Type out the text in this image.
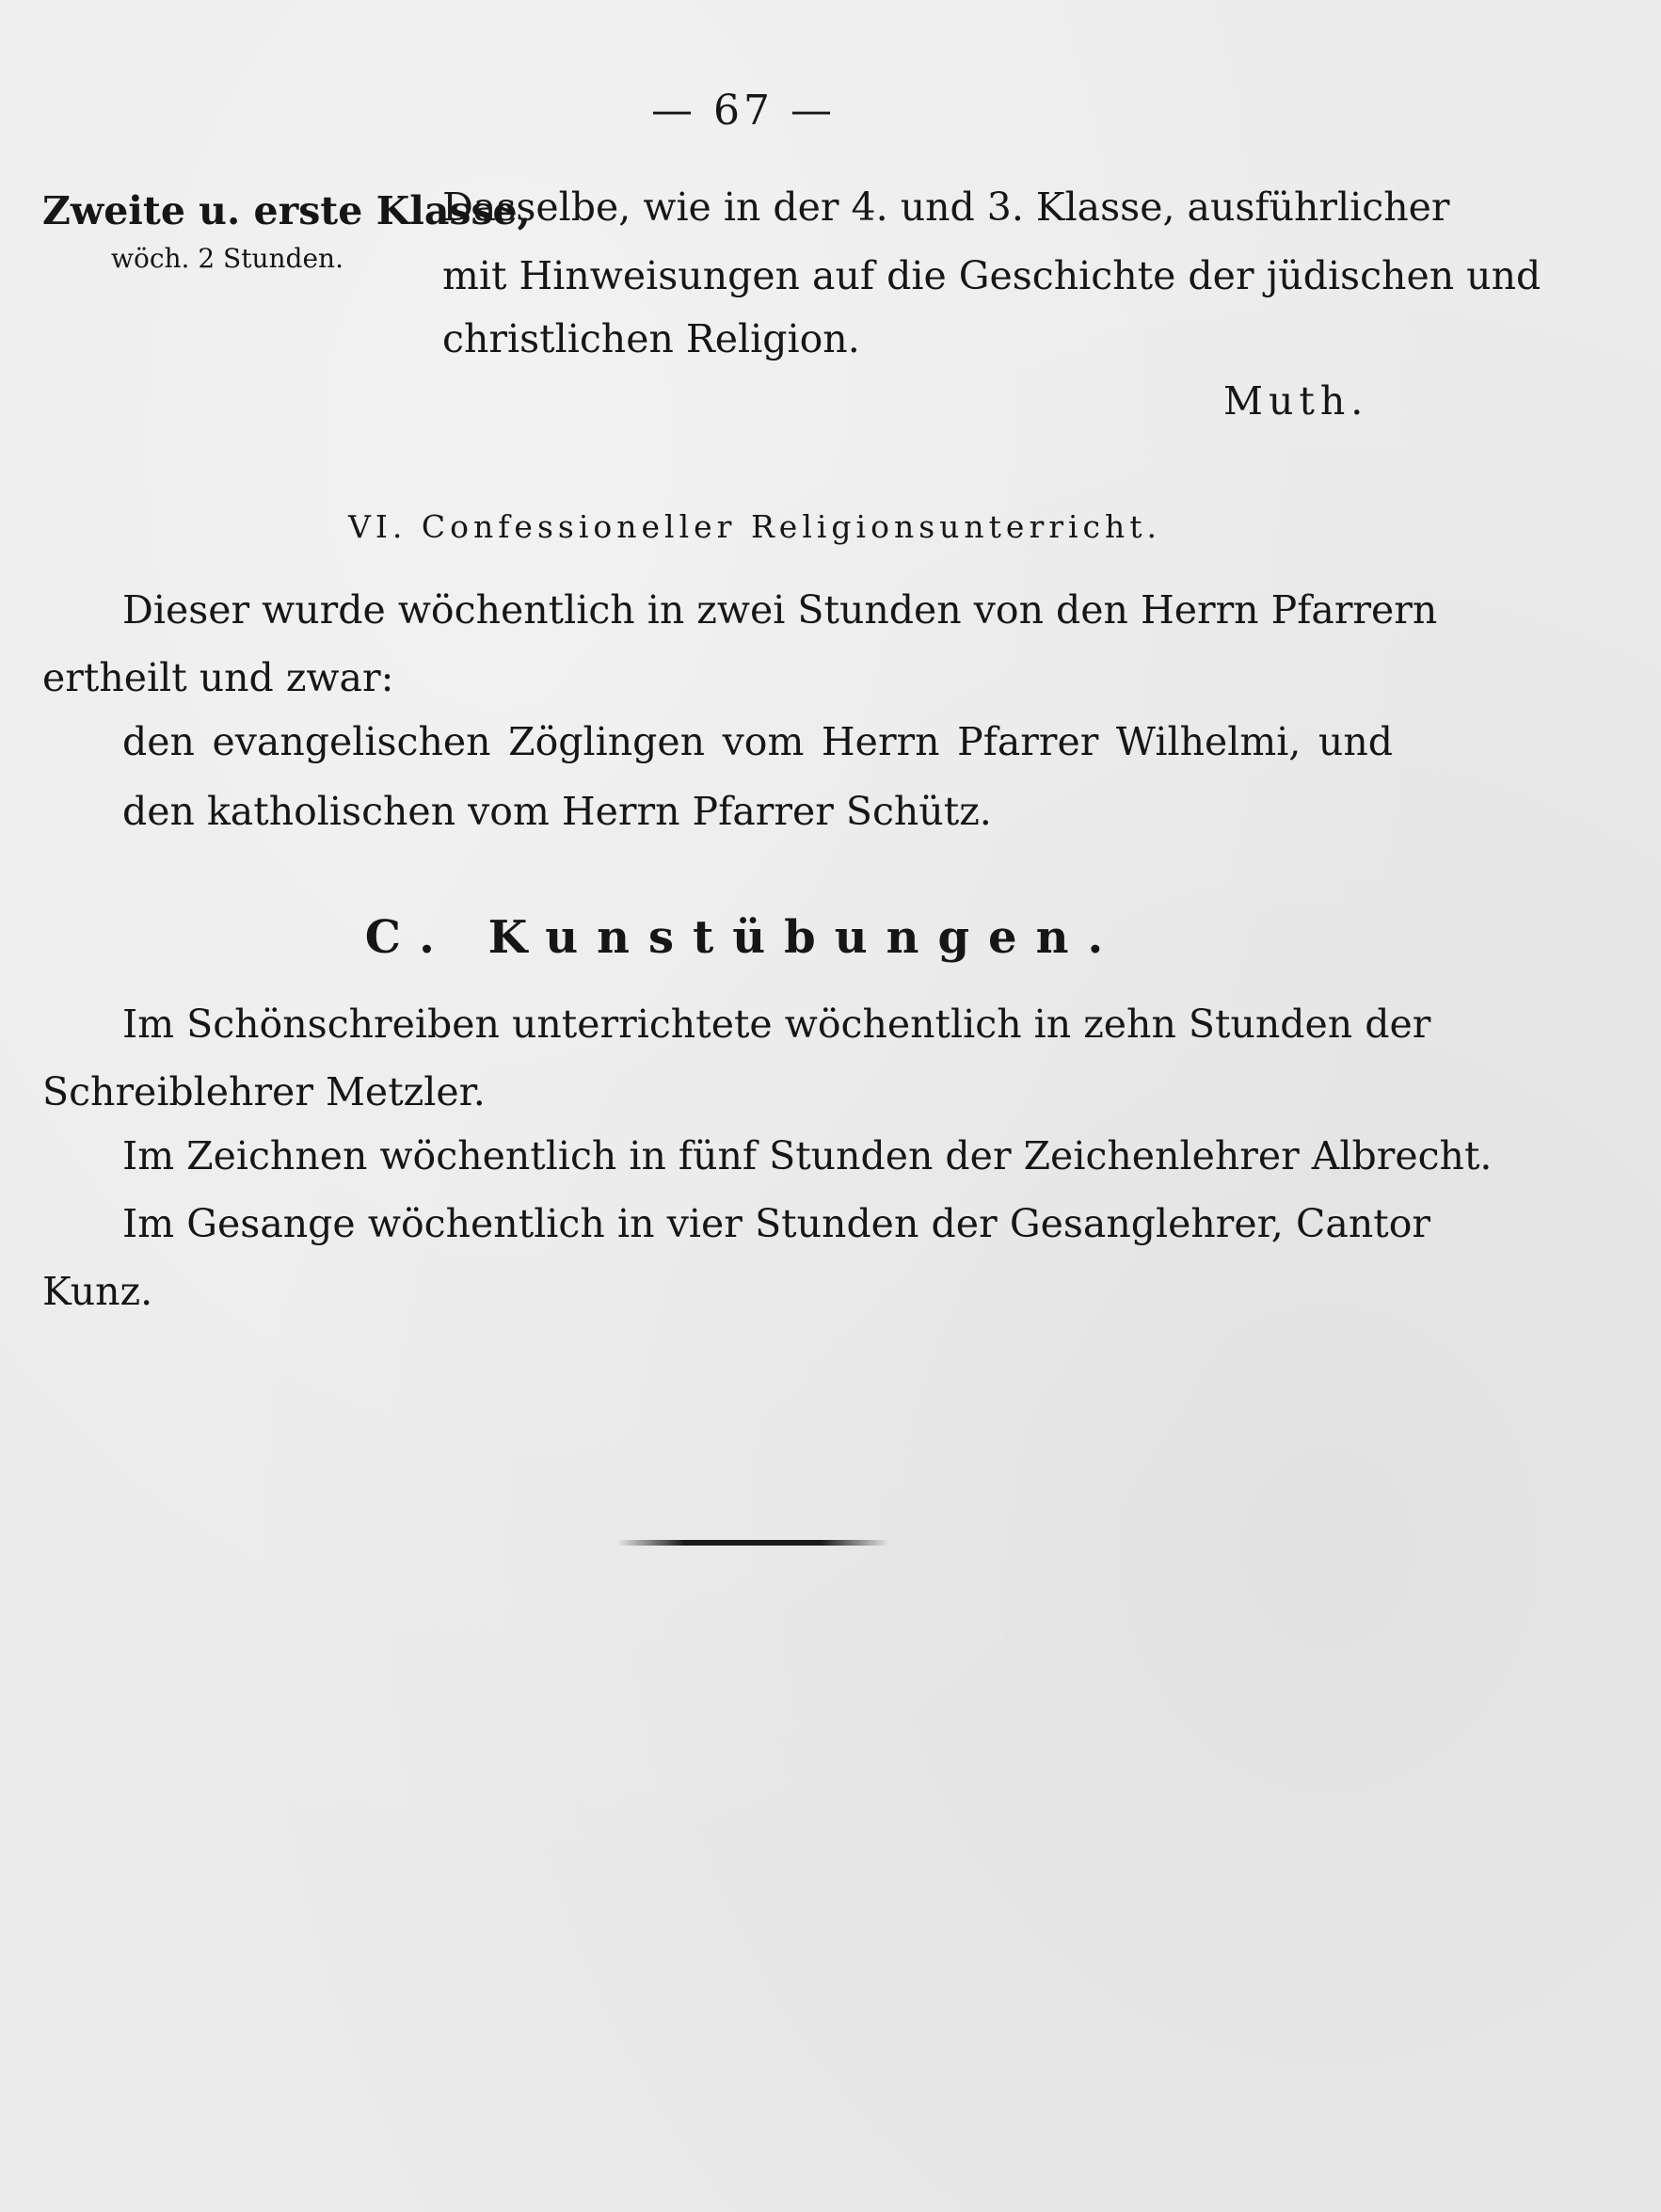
— 67 —
Zweite u. erste Klasse,
wöch. 2 Stunden.
Dasselbe, wie in der 4. und 3. Klasse, ausführlicher
mit Hinweisungen auf die Geschichte der jüdischen und
christlichen Religion.
Muth.
VI. Confessioneller Religionsunterricht.
Dieser wurde wöchentlich in zwei Stunden von den Herrn Pfarrern
ertheilt und zwar:
den evangelischen Zöglingen vom Herrn Pfarrer Wilhelmi, und
den katholischen vom Herrn Pfarrer Schütz.
C. Kunstübungen.
Im Schönschreiben unterrichtete wöchentlich in zehn Stunden der
Schreiblehrer Metzler.
Im Zeichnen wöchentlich in fünf Stunden der Zeichenlehrer Albrecht.
Im Gesange wöchentlich in vier Stunden der Gesanglehrer, Cantor
Kunz.
